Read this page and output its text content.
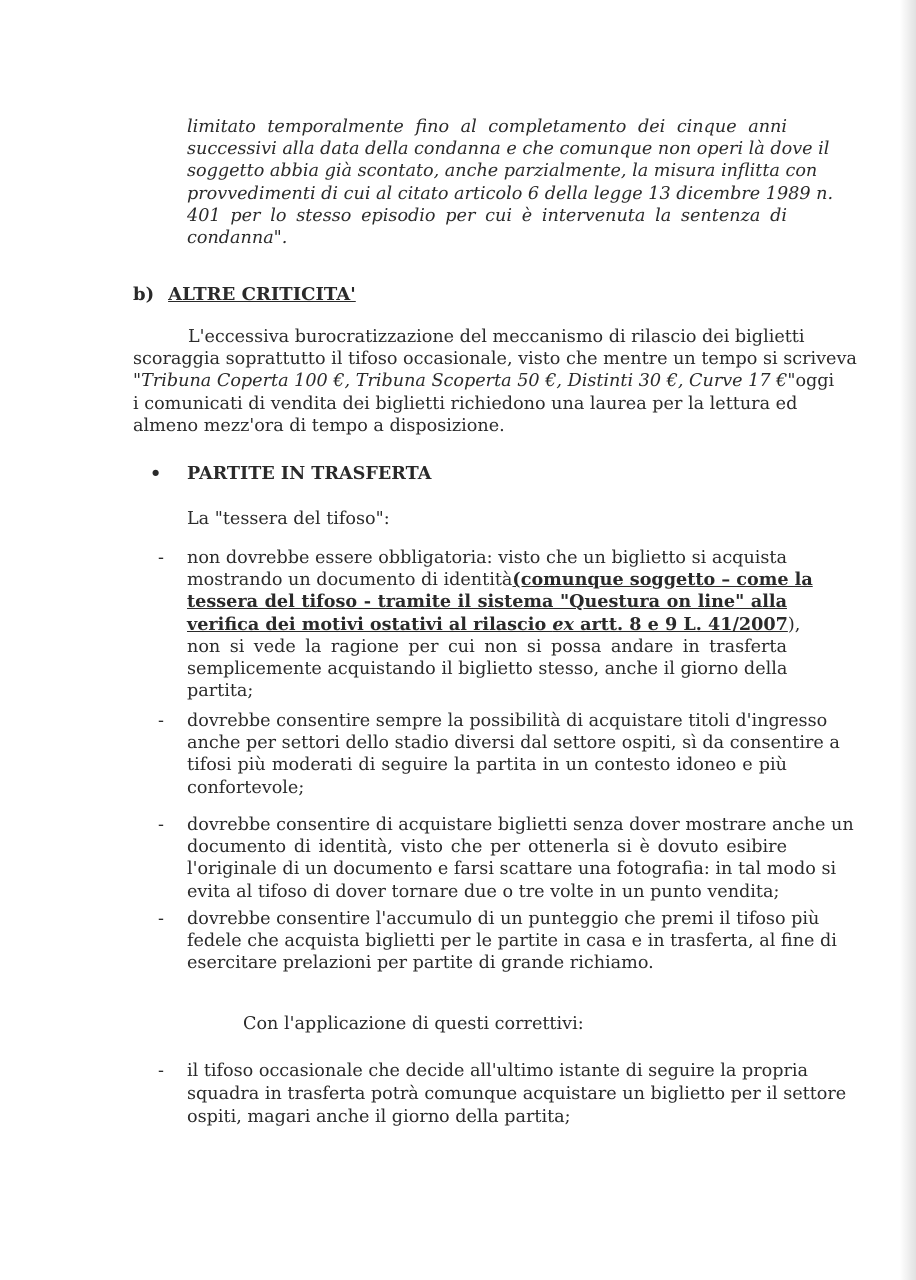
limitato temporalmente fino al completamento dei cinque anni
successivi alla data della condanna e che comunque non operi là dove il
soggetto abbia già scontato, anche parzialmente, la misura inflitta con
provvedimenti di cui al citato articolo 6 della legge 13 dicembre 1989 n.
401 per lo stesso episodio per cui è intervenuta la sentenza di
condanna".
b) ALTRE CRITICITA'
L'eccessiva burocratizzazione del meccanismo di rilascio dei biglietti
scoraggia soprattutto il tifoso occasionale, visto che mentre un tempo si scriveva
"Tribuna Coperta 100 €, Tribuna Scoperta 50 €, Distinti 30 €, Curve 17 €" oggi
i comunicati di vendita dei biglietti richiedono una laurea per la lettura ed
almeno mezz'ora di tempo a disposizione.
• PARTITE IN TRASFERTA
La "tessera del tifoso":
-	non dovrebbe essere obbligatoria: visto che un biglietto si acquista
mostrando un documento di identità (comunque soggetto – come la
tessera del tifoso - tramite il sistema "Questura on line" alla
verifica dei motivi ostativi al rilascio ex artt. 8 e 9 L. 41/2007 ),
non si vede la ragione per cui non si possa andare in trasferta
semplicemente acquistando il biglietto stesso, anche il giorno della
partita;
-	dovrebbe consentire sempre la possibilità di acquistare titoli d'ingresso
anche per settori dello stadio diversi dal settore ospiti, sì da consentire a
tifosi più moderati di seguire la partita in un contesto idoneo e più
confortevole;
-	dovrebbe consentire di acquistare biglietti senza dover mostrare anche un
documento di identità, visto che per ottenerla si è dovuto esibire
l'originale di un documento e farsi scattare una fotografia: in tal modo si
evita al tifoso di dover tornare due o tre volte in un punto vendita;
-	dovrebbe consentire l'accumulo di un punteggio che premi il tifoso più
fedele che acquista biglietti per le partite in casa e in trasferta, al fine di
esercitare prelazioni per partite di grande richiamo.
Con l'applicazione di questi correttivi:
-	il tifoso occasionale che decide all'ultimo istante di seguire la propria
squadra in trasferta potrà comunque acquistare un biglietto per il settore
ospiti, magari anche il giorno della partita;
